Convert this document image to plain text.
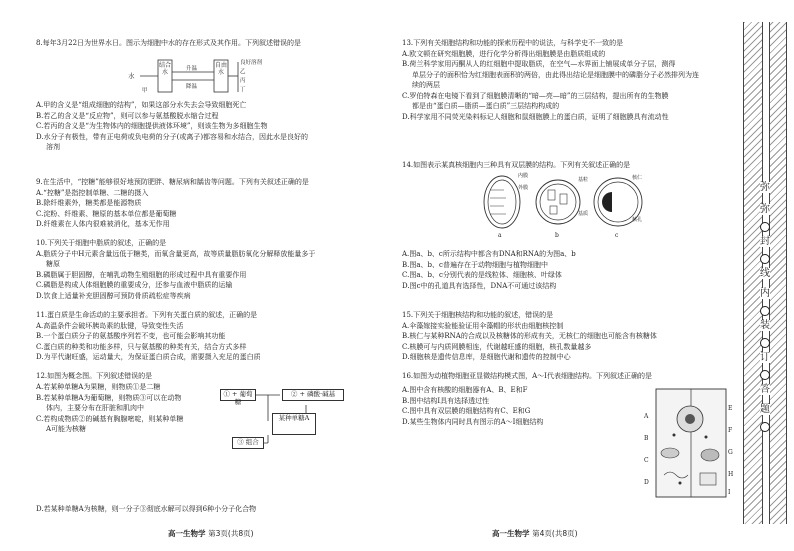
8.每年3月22日为世界水日。图示为细胞中水的存在形式及其作用。下列叙述错误的是
水
结合水
自由水
升温
降温
甲
良好溶剂
乙
丙
丁
A.甲的含义是“组成细胞的结构”，如果这部分水失去会导致细胞死亡
B.若乙的含义是“反应物”，则可以参与氨基酸脱水缩合过程
C.若丙的含义是“为生物体内的细胞提供液体环境”，则该生物为多细胞生物
D.水分子有极性，带有正电荷或负电荷的分子(或离子)都容易和水结合，因此水是良好的
溶剂
9.在生活中，“控糖”能够很好地预防肥胖、糖尿病和龋齿等问题。下列有关叙述正确的是
A.“控糖”是指控制单糖、二糖的摄入
B.除纤维素外，糖类都是能源物质
C.淀粉、纤维素、糖原的基本单位都是葡萄糖
D.纤维素在人体内很难被消化，基本无作用
10.下列关于细胞中脂质的叙述，正确的是
A.脂质分子中H元素含量远低于糖类，而氧含量更高，故等质量脂肪氧化分解释放能量多于
糖原
B.磷脂属于胆固醇，在哺乳动物生殖细胞的形成过程中具有重要作用
C.磷脂是构成人体细胞膜的重要成分，还参与血液中脂质的运输
D.饮食上适量补充胆固醇可预防骨质疏松症等疾病
11.蛋白质是生命活动的主要承担者。下列有关蛋白质的叙述，正确的是
A.高温条件会破坏胰岛素的肽键，导致变性失活
B.一个蛋白质分子的氨基酸序列若不变，也可能会影响其功能
C.蛋白质的种类和功能多样，只与氨基酸的种类有关，结合方式多样
D.为平代谢旺盛，运动量大，为保证蛋白质合成，需要摄入充足的蛋白质
12.如图为概念图。下列叙述错误的是
① + 葡萄糖
② + 磷酸·碱基
某种单糖A
③ 组合
A.若某种单糖A为果糖，则物质①是二糖
B.若某种单糖A为葡萄糖，则物质③可以在动物
体内，主要分布在肝脏和肌肉中
C.若构成物质②的碱基有胸腺嘧啶，则某种单糖
A可能为核糖
D.若某种单糖A为核糖，则一分子③彻底水解可以得到6种小分子化合物
高一生物学 第3页(共8页)
13.下列有关细胞结构和功能的探索历程中的说法，与科学史不一致的是
A.欧文顿在研究细胞膜，进行化学分析得出细胞膜是由脂质组成的
B.荷兰科学家用丙酮从人的红细胞中提取脂质，在空气—水界面上铺展成单分子层，测得
单层分子的面积恰为红细胞表面积的两倍，由此得出结论是细胞膜中的磷脂分子必然排列为连
续的两层
C.罗伯特森在电镜下看到了细胞膜清晰的“暗—亮—暗”的三层结构，提出所有的生物膜
都是由“蛋白质—脂质—蛋白质”三层结构构成的
D.科学家用不同荧光染料标记人细胞和鼠细胞膜上的蛋白质，证明了细胞膜具有流动性
14.如图表示某真核细胞内三种具有双层膜的结构。下列有关叙述正确的是
a	b	c
内膜
外膜
基粒
基质
核孔
核仁
A.图a、b、c所示结构中都含有DNA和RNA的为图a、b
B.图a、b、c普遍存在于动物细胞与植物细胞中
C.图a、b、c分别代表的是线粒体、细胞核、叶绿体
D.图c中的孔道具有选择性，DNA不可通过该结构
15.下列关于细胞核结构和功能的叙述，错误的是
A.伞藻嫁接实验能验证用伞藻帽的形状由细胞核控制
B.核仁与某种RNA的合成以及核糖体的形成有关，无核仁的细胞也可能含有核糖体
C.核膜可与内质网膜相连，代谢越旺盛的细胞，核孔数量越多
D.细胞核是遗传信息库，是细胞代谢和遗传的控制中心
16.如图为动植物细胞亚显微结构模式图，A～I代表细胞结构。下列叙述正确的是
A.图中含有核酸的细胞器有A、B、E和F
B.图中结构I具有选择透过性
C.图中具有双层膜的细胞结构有C、E和G
D.某些生物体内同时具有图示的A～I细胞结构
A
B
C
D
E
F
G
H
I
高一生物学 第4页(共8页)
弥
弥
封
线
内
装
订
答
题
